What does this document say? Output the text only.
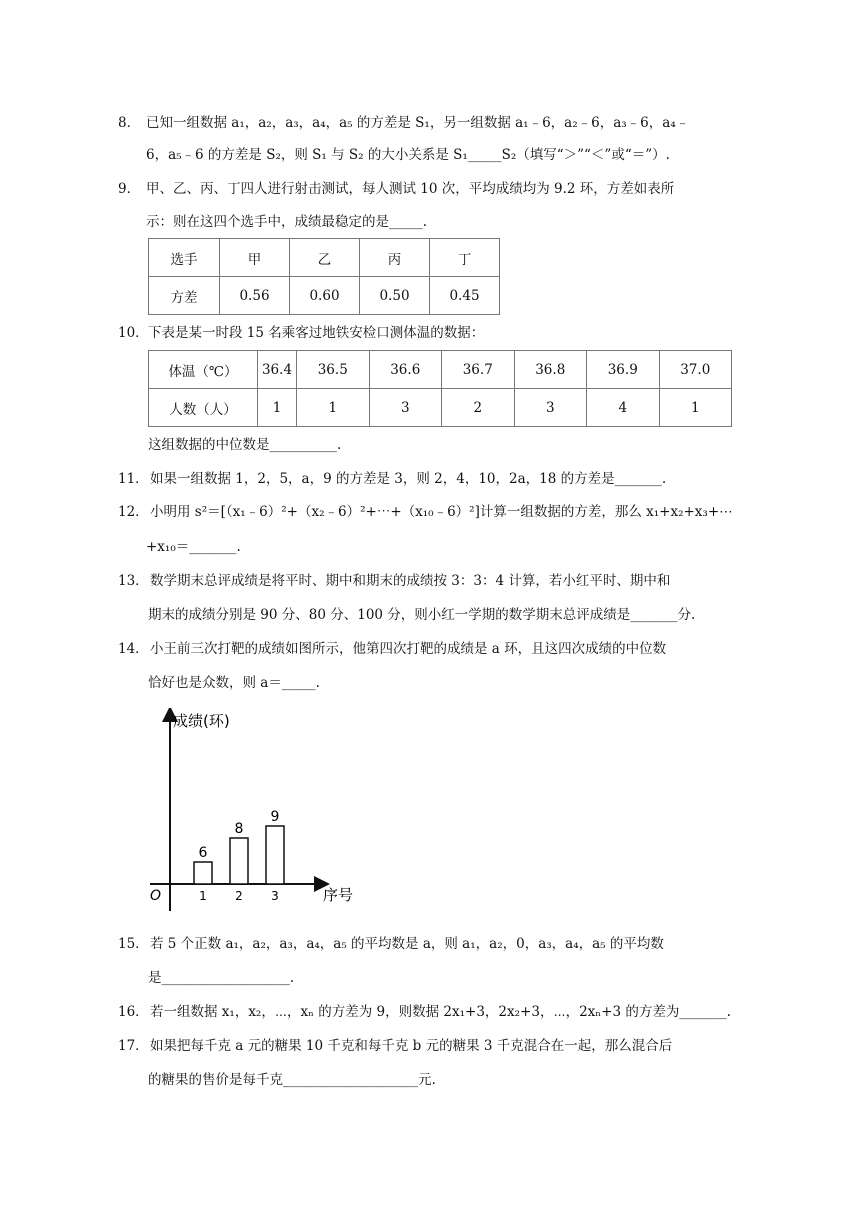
8． 已知一组数据 a₁，a₂，a₃，a₄，a₅ 的方差是 S₁，另一组数据 a₁﹣6，a₂﹣6，a₃﹣6，a₄﹣
6，a₅﹣6 的方差是 S₂，则 S₁ 与 S₂ 的大小关系是 S₁_____S₂（填写“＞”“＜”或“＝”）.
9． 甲、乙、丙、丁四人进行射击测试，每人测试 10 次，平均成绩均为 9.2 环，方差如表所
示：则在这四个选手中，成绩最稳定的是_____.
选手	甲	乙	丙	丁
方差	0.56	0.60	0.50	0.45
10． 下表是某一时段 15 名乘客过地铁安检口测体温的数据：
体温（℃）	36.4	36.5	36.6	36.7	36.8	36.9	37.0
人数（人）	1	1	3	2	3	4	1
这组数据的中位数是__________.
11． 如果一组数据 1，2，5，a，9 的方差是 3，则 2，4，10，2a，18 的方差是_______.
12． 小明用 s²＝[（x₁﹣6）²+（x₂﹣6）²+⋯+（x₁₀﹣6）²]计算一组数据的方差，那么 x₁+x₂+x₃+⋯
+x₁₀＝_______.
13． 数学期末总评成绩是将平时、期中和期末的成绩按 3：3：4 计算，若小红平时、期中和
期末的成绩分别是 90 分、80 分、100 分，则小红一学期的数学期末总评成绩是_______分.
14． 小王前三次打靶的成绩如图所示，他第四次打靶的成绩是 a 环，且这四次成绩的中位数
恰好也是众数，则 a＝_____.
成绩(环)
序号
O
6
1
8
2
9
3
15． 若 5 个正数 a₁，a₂，a₃，a₄，a₅ 的平均数是 a，则 a₁，a₂，0，a₃，a₄，a₅ 的平均数
是___________________.
16． 若一组数据 x₁，x₂，⋯，xₙ 的方差为 9，则数据 2x₁+3，2x₂+3，⋯，2xₙ+3 的方差为_______.
17． 如果把每千克 a 元的糖果 10 千克和每千克 b 元的糖果 3 千克混合在一起，那么混合后
的糖果的售价是每千克____________________元.
